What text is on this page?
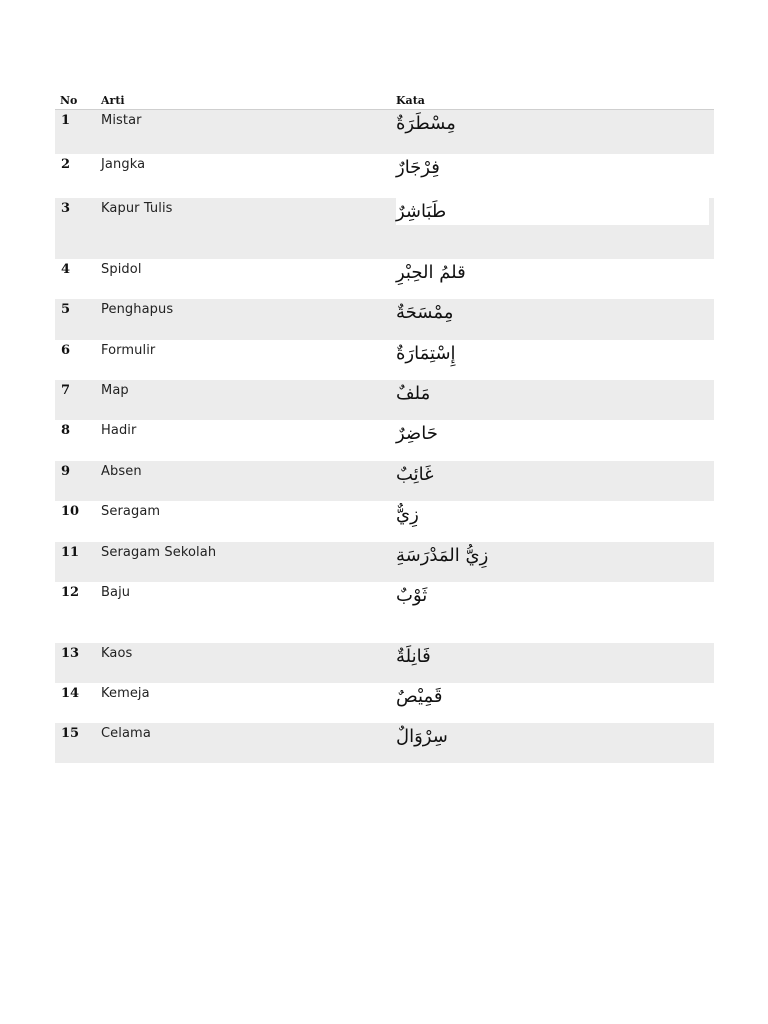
No Arti	Kata
1 Mistar	مِسْطَرَةٌ
2 Jangka	فِرْجَارٌ
3 Kapur Tulis	طَبَاشِرٌ
4 Spidol	قلمُ الحِبْرِ
5 Penghapus	مِمْسَحَةٌ
6 Formulir	إِسْتِمَارَةٌ
7 Map	مَلفٌ
8 Hadir	حَاضِرٌ
9 Absen	غَائِبٌ
10 Seragam	زِيٌّ
11 Seragam Sekolah	زِيُّ المَدْرَسَةِ
12 Baju	ثَوْبٌ
13 Kaos	فَانِلَةٌ
14 Kemeja	قَمِيْصٌ
15 Celama	سِرْوَالٌ
